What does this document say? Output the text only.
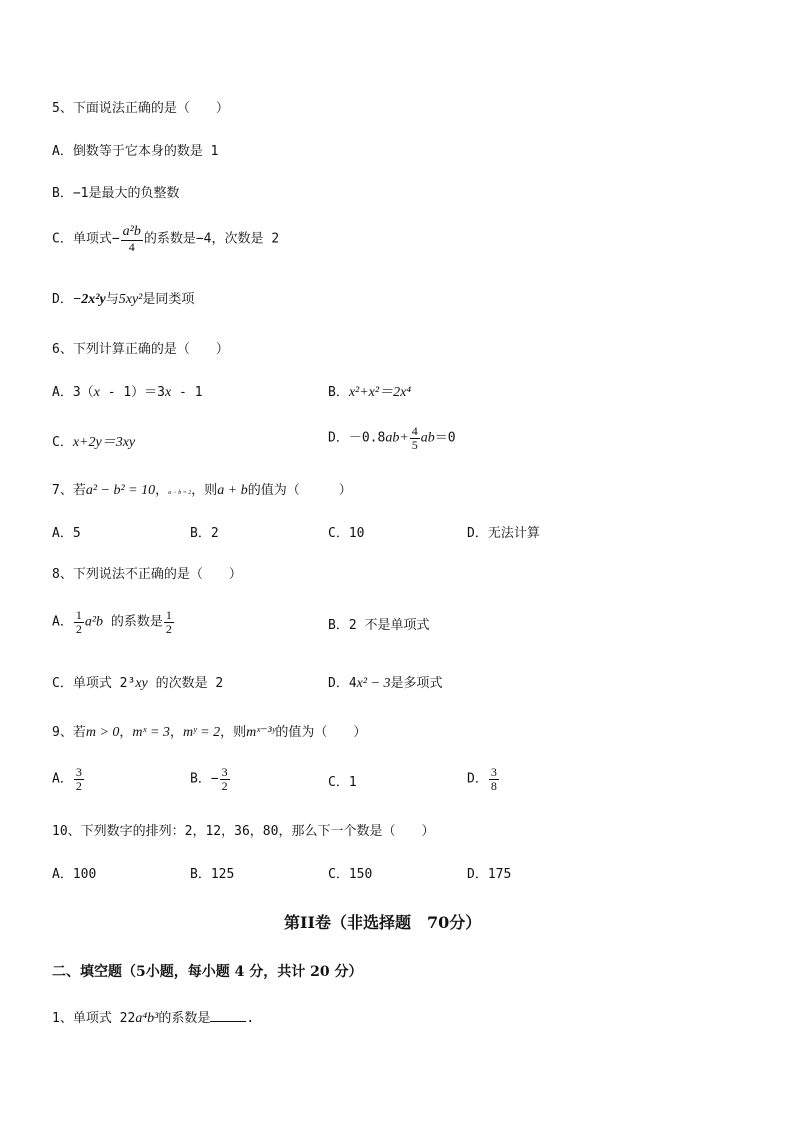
5、下面说法正确的是（　　）
A．倒数等于它本身的数是 1
B．−1是最大的负整数
C．单项式− $\frac{\text{a²b}}{4}$ 的系数是−4，次数是 2
D．−2x²y与5xy²是同类项
6、下列计算正确的是（　　）
A．3（x - 1）＝3x - 1	B．x²+x²＝2x⁴
C．x+2y＝3xy	D．$-0.8ab+ \frac{4}{5} ab=0$
7、若a² − b² = 10，a − b = 2，则a + b的值为（　　　）
A．5	B．2	C．10	D．无法计算
8、下列说法不正确的是（　　）
A． $\frac{1}{2} a^2b$ 的系数是 $\frac{1}{2}$	B．2 不是单项式
C．单项式 2³xy 的次数是 2	D．4x² − 3是多项式
9、若m > 0，mˣ = 3，mʸ = 2，则mˣ⁻³ʸ的值为（　　）
A． $\frac{3}{2}$	B．− $\frac{3}{2}$	C．1	D． $\frac{3}{8}$
10、下列数字的排列：2，12，36，80，那么下一个数是（　　）
A．100	B．125	C．150	D．175
第II卷（非选择题　70分）
二、填空题（5小题，每小题 4 分，共计 20 分）
1、单项式 22a⁴b³的系数是	.
